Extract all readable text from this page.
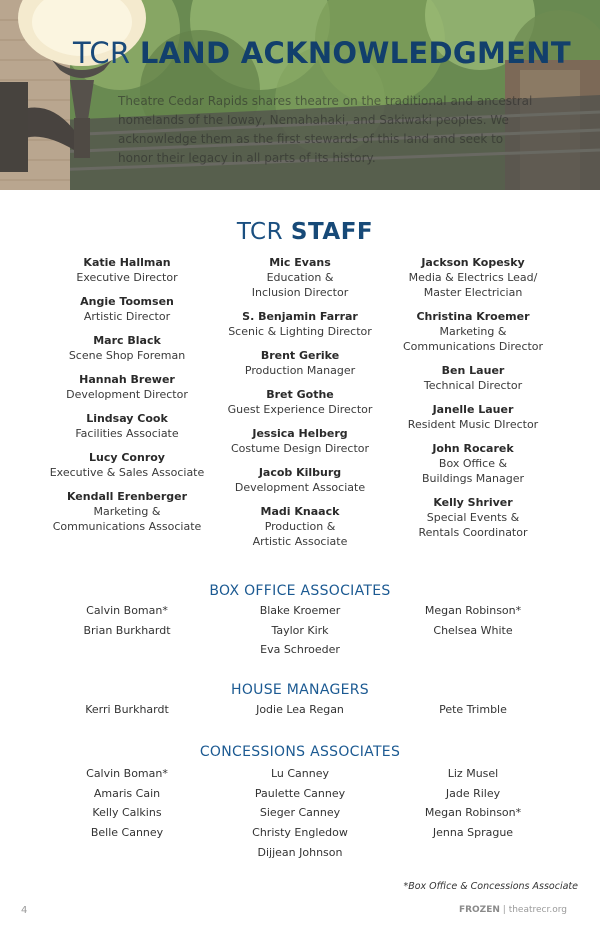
TCR LAND ACKNOWLEDGMENT

Theatre Cedar Rapids shares theatre on the traditional and ancestral homelands of the Ioway, Nemahahaki, and Sakiwaki peoples. We acknowledge them as the first stewards of this land and seek to honor their legacy in all parts of its history.

TCR STAFF
Katie Hallman
Executive Director
Angie Toomsen
Artistic Director
Marc Black
Scene Shop Foreman
Hannah Brewer
Development Director
Lindsay Cook
Facilities Associate
Lucy Conroy
Executive & Sales Associate
Kendall Erenberger
Marketing &
Communications Associate
Mic Evans
Education &
Inclusion Director
S. Benjamin Farrar
Scenic & Lighting Director
Brent Gerike
Production Manager
Bret Gothe
Guest Experience Director
Jessica Helberg
Costume Design Director
Jacob Kilburg
Development Associate
Madi Knaack
Production &
Artistic Associate
Jackson Kopesky
Media & Electrics Lead/
Master Electrician
Christina Kroemer
Marketing &
Communications Director
Ben Lauer
Technical Director
Janelle Lauer
Resident Music DIrector
John Rocarek
Box Office &
Buildings Manager
Kelly Shriver
Special Events &
Rentals Coordinator
BOX OFFICE ASSOCIATES
Calvin Boman*
Brian Burkhardt
Blake Kroemer
Taylor Kirk
Eva Schroeder
Megan Robinson*
Chelsea White
HOUSE MANAGERS
Kerri Burkhardt	Jodie Lea Regan	Pete Trimble
CONCESSIONS ASSOCIATES
Calvin Boman*
Amaris Cain
Kelly Calkins
Belle Canney
Lu Canney
Paulette Canney
Sieger Canney
Christy Engledow
Dijjean Johnson
Liz Musel
Jade Riley
Megan Robinson*
Jenna Sprague

*Box Office & Concessions Associate

4	FROZEN | theatrecr.org
